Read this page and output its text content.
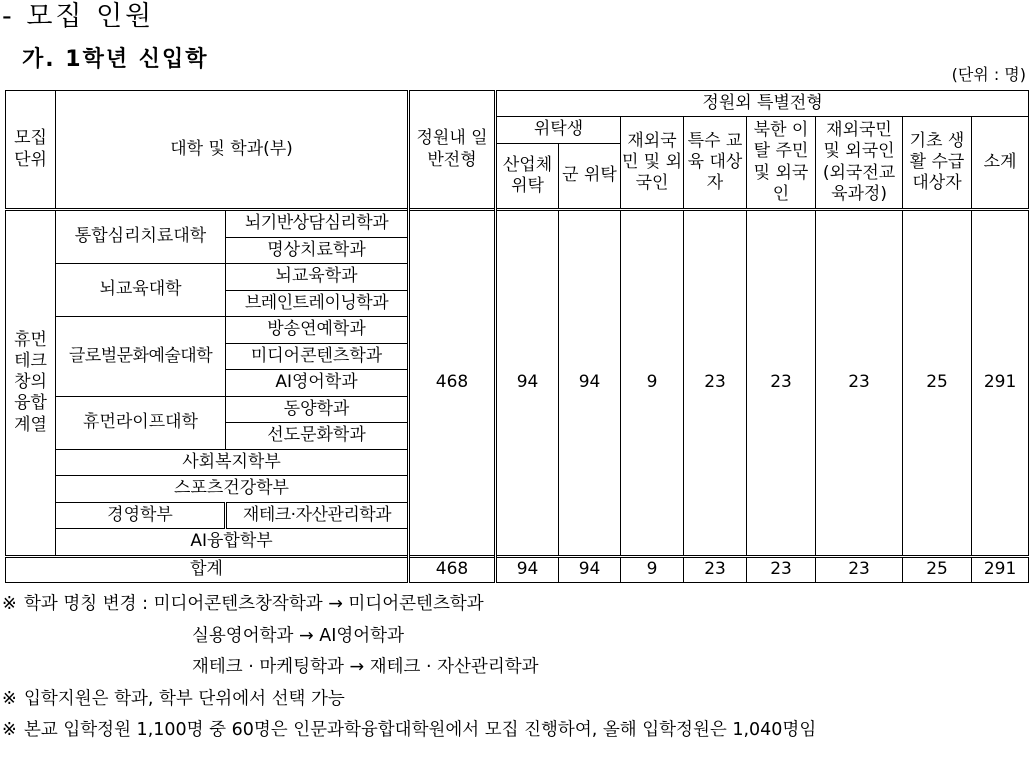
- 모집 인원
가. 1학년 신입학
(단위 : 명)
모집 단위	대학 및 학과(부)		정원내 일반전형	정원외 특별전형							
				위탁생		재외국민 및 외국인	특수 교육 대상자	북한 이탈 주민 및 외국인	재외국민 및 외국인 (외국전교육과정)	기초 생활 수급 대상자	소계
				산업체 위탁	군 위탁						
휴먼테크창의융합계열	통합심리치료대학	뇌기반상담심리학과	468	94	94	9	23	23	23	25	291
		명상치료학과									
	뇌교육대학	뇌교육학과									
		브레인트레이닝학과									
	글로벌문화예술대학	방송연예학과									
		미디어콘텐츠학과									
		AI영어학과									
	휴먼라이프대학	동양학과									
		선도문화학과									
	사회복지학부										
	스포츠건강학부										
	경영학부	재테크·자산관리학과									
	AI융합학부										
합계			468	94	94	9	23	23	23	25	291
※ 학과 명칭 변경 : 미디어콘텐츠창작학과 → 미디어콘텐츠학과
실용영어학과 → AI영어학과
재테크 · 마케팅학과 → 재테크 · 자산관리학과
※ 입학지원은 학과, 학부 단위에서 선택 가능
※ 본교 입학정원 1,100명 중 60명은 인문과학융합대학원에서 모집 진행하여, 올해 입학정원은 1,040명임
